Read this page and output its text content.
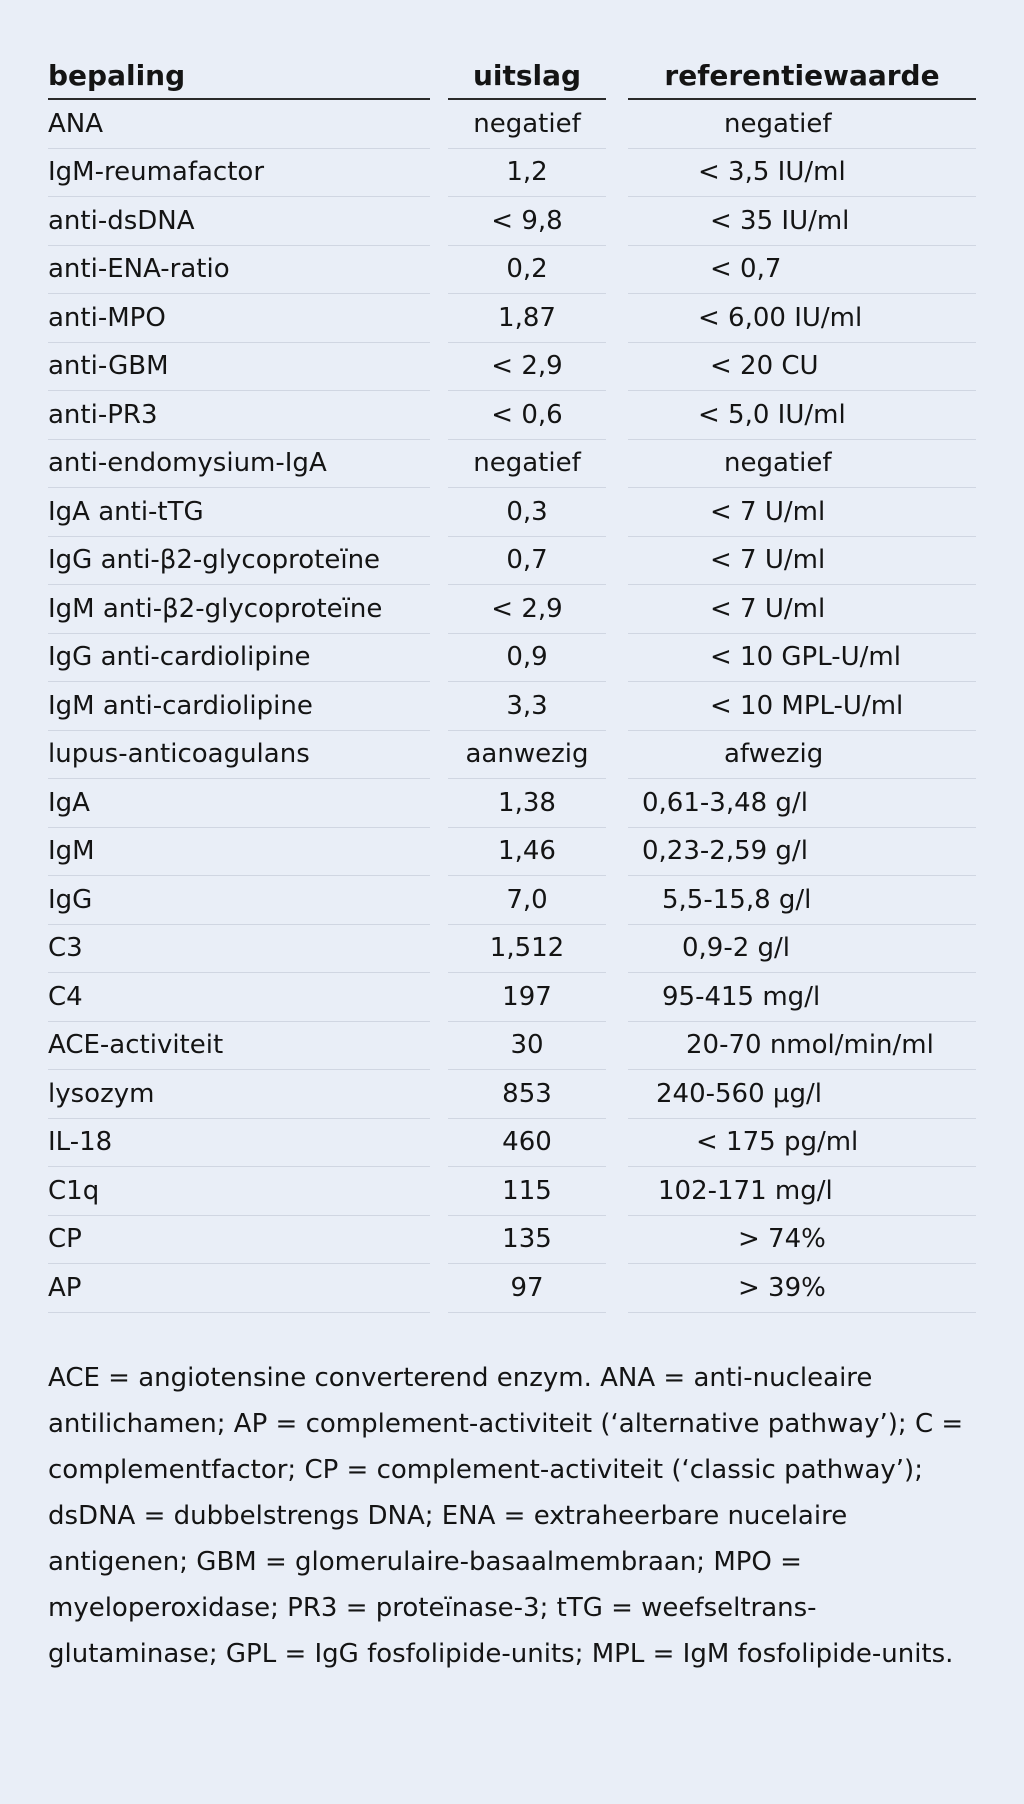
bepaling		uitslag		referentiewaarde
ANA		negatief		negatief
IgM-reumafactor		1,2		< 3,5 IU/ml
anti-dsDNA		< 9,8		< 35 IU/ml
anti-ENA-ratio		0,2		< 0,7
anti-MPO		1,87		< 6,00 IU/ml
anti-GBM		< 2,9		< 20 CU
anti-PR3		< 0,6		< 5,0 IU/ml
anti-endomysium-IgA		negatief		negatief
IgA anti-tTG		0,3		< 7 U/ml
IgG anti-β2-glycoproteïne		0,7		< 7 U/ml
IgM anti-β2-glycoproteïne		< 2,9		< 7 U/ml
IgG anti-cardiolipine		0,9		< 10 GPL-U/ml
IgM anti-cardiolipine		3,3		< 10 MPL-U/ml
lupus-anticoagulans		aanwezig		afwezig
IgA		1,38		0,61-3,48 g/l
IgM		1,46		0,23-2,59 g/l
IgG		7,0		5,5-15,8 g/l
C3		1,512		0,9-2 g/l
C4		197		95-415 mg/l
ACE-activiteit		30		20-70 nmol/min/ml
lysozym		853		240-560 µg/l
IL-18		460		< 175 pg/ml
C1q		115		102-171 mg/l
CP		135		> 74%
AP		97		> 39%

ACE = angiotensine converterend enzym. ANA = anti-nucleaire antilichamen; AP = complement-activiteit (‘alternative pathway’); C = complementfactor; CP = complement-activiteit (‘classic pathway’); dsDNA = dubbelstrengs DNA; ENA = extraheerbare nucelaire antigenen; GBM = glomerulaire-basaalmembraan; MPO = myeloperoxidase; PR3 = proteïnase-3; tTG = weefseltrans-glutaminase; GPL = IgG fosfolipide-units; MPL = IgM fosfolipide-units.
